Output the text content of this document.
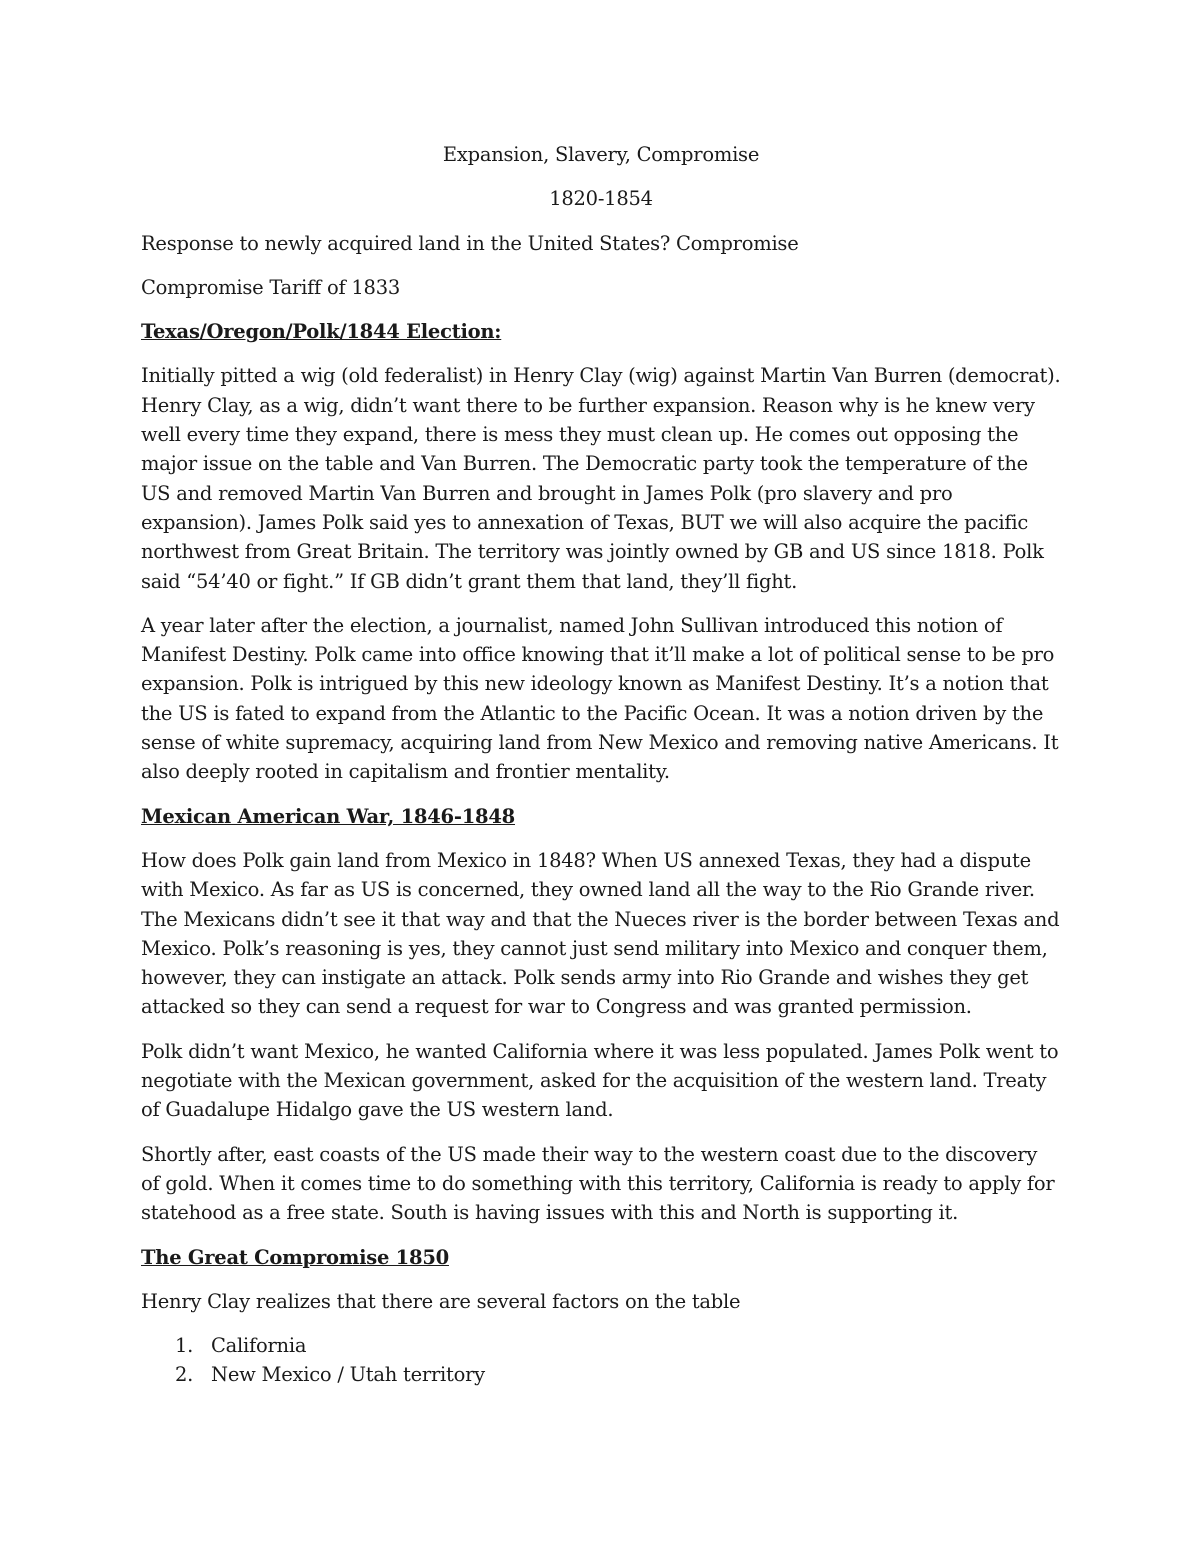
Expansion, Slavery, Compromise
1820-1854

Response to newly acquired land in the United States? Compromise

Compromise Tariff of 1833

Texas/Oregon/Polk/1844 Election:

Initially pitted a wig (old federalist) in Henry Clay (wig) against Martin Van Burren (democrat). Henry Clay, as a wig, didn’t want there to be further expansion. Reason why is he knew very well every time they expand, there is mess they must clean up. He comes out opposing the major issue on the table and Van Burren. The Democratic party took the temperature of the US and removed Martin Van Burren and brought in James Polk (pro slavery and pro expansion). James Polk said yes to annexation of Texas, BUT we will also acquire the pacific northwest from Great Britain. The territory was jointly owned by GB and US since 1818. Polk said “54’40 or fight.” If GB didn’t grant them that land, they’ll fight.

A year later after the election, a journalist, named John Sullivan introduced this notion of Manifest Destiny. Polk came into office knowing that it’ll make a lot of political sense to be pro expansion. Polk is intrigued by this new ideology known as Manifest Destiny. It’s a notion that the US is fated to expand from the Atlantic to the Pacific Ocean. It was a notion driven by the sense of white supremacy, acquiring land from New Mexico and removing native Americans. It also deeply rooted in capitalism and frontier mentality.

Mexican American War, 1846-1848

How does Polk gain land from Mexico in 1848? When US annexed Texas, they had a dispute with Mexico. As far as US is concerned, they owned land all the way to the Rio Grande river. The Mexicans didn’t see it that way and that the Nueces river is the border between Texas and Mexico. Polk’s reasoning is yes, they cannot just send military into Mexico and conquer them, however, they can instigate an attack. Polk sends army into Rio Grande and wishes they get attacked so they can send a request for war to Congress and was granted permission.

Polk didn’t want Mexico, he wanted California where it was less populated. James Polk went to negotiate with the Mexican government, asked for the acquisition of the western land. Treaty of Guadalupe Hidalgo gave the US western land.

Shortly after, east coasts of the US made their way to the western coast due to the discovery of gold. When it comes time to do something with this territory, California is ready to apply for statehood as a free state. South is having issues with this and North is supporting it.

The Great Compromise 1850

Henry Clay realizes that there are several factors on the table

1. California
2. New Mexico / Utah territory
